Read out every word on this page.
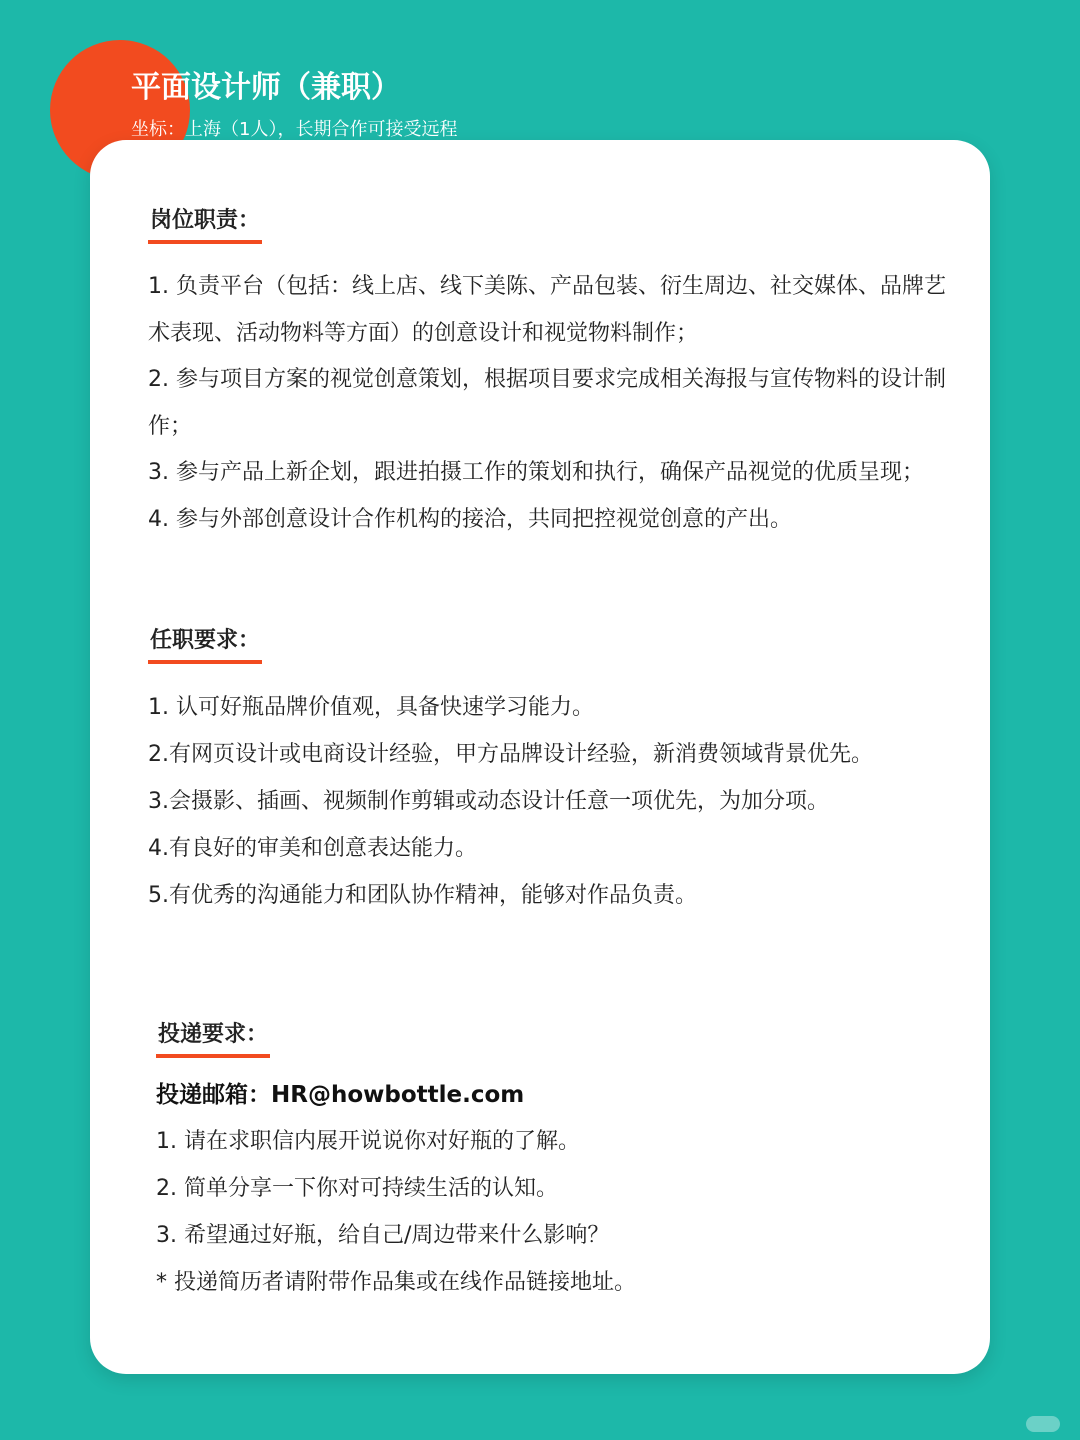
平面设计师（兼职）
坐标：上海（1人），长期合作可接受远程
岗位职责：
1. 负责平台（包括：线上店、线下美陈、产品包装、衍生周边、社交媒体、品牌艺术表现、活动物料等方面）的创意设计和视觉物料制作；
2. 参与项目方案的视觉创意策划，根据项目要求完成相关海报与宣传物料的设计制作；
3. 参与产品上新企划，跟进拍摄工作的策划和执行，确保产品视觉的优质呈现；
4. 参与外部创意设计合作机构的接洽，共同把控视觉创意的产出。
任职要求：
1. 认可好瓶品牌价值观，具备快速学习能力。
2.有网页设计或电商设计经验，甲方品牌设计经验，新消费领域背景优先。
3.会摄影、插画、视频制作剪辑或动态设计任意一项优先，为加分项。
4.有良好的审美和创意表达能力。
5.有优秀的沟通能力和团队协作精神，能够对作品负责。
投递要求：
投递邮箱：HR@howbottle.com
1. 请在求职信内展开说说你对好瓶的了解。
2. 简单分享一下你对可持续生活的认知。
3. 希望通过好瓶，给自己/周边带来什么影响？
* 投递简历者请附带作品集或在线作品链接地址。
